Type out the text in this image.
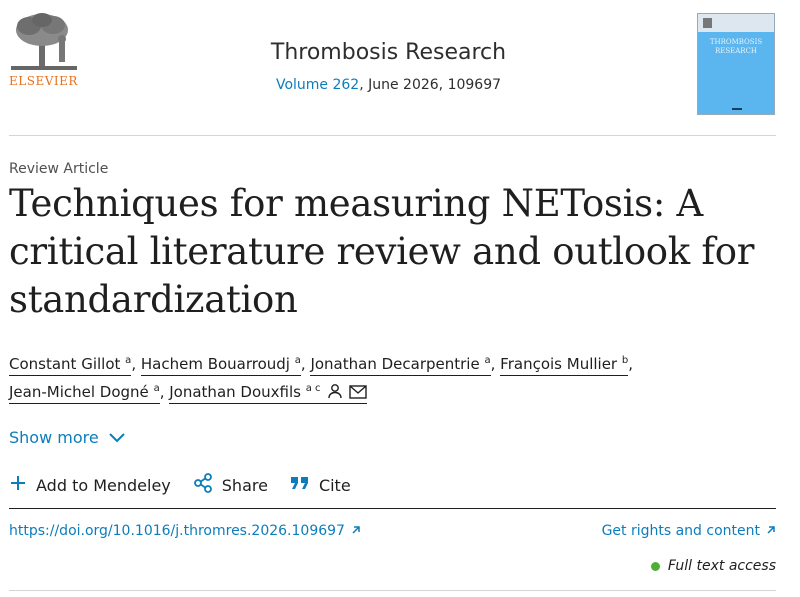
ELSEVIER
Thrombosis Research
Volume 262, June 2026, 109697
THROMBOSIS RESEARCH
Review Article
Techniques for measuring NETosis: A critical literature review and outlook for standardization
Constant Gillot $^a$, Hachem Bouarroudj $^a$, Jonathan Decarpentrie $^a$, François Mullier $^b$,
Jean-Michel Dogné $^a$, Jonathan Douxfils $^{a c}$
Show more
Add to Mendeley	Share	Cite
https://doi.org/10.1016/j.thromres.2026.109697	Get rights and content
Full text access
